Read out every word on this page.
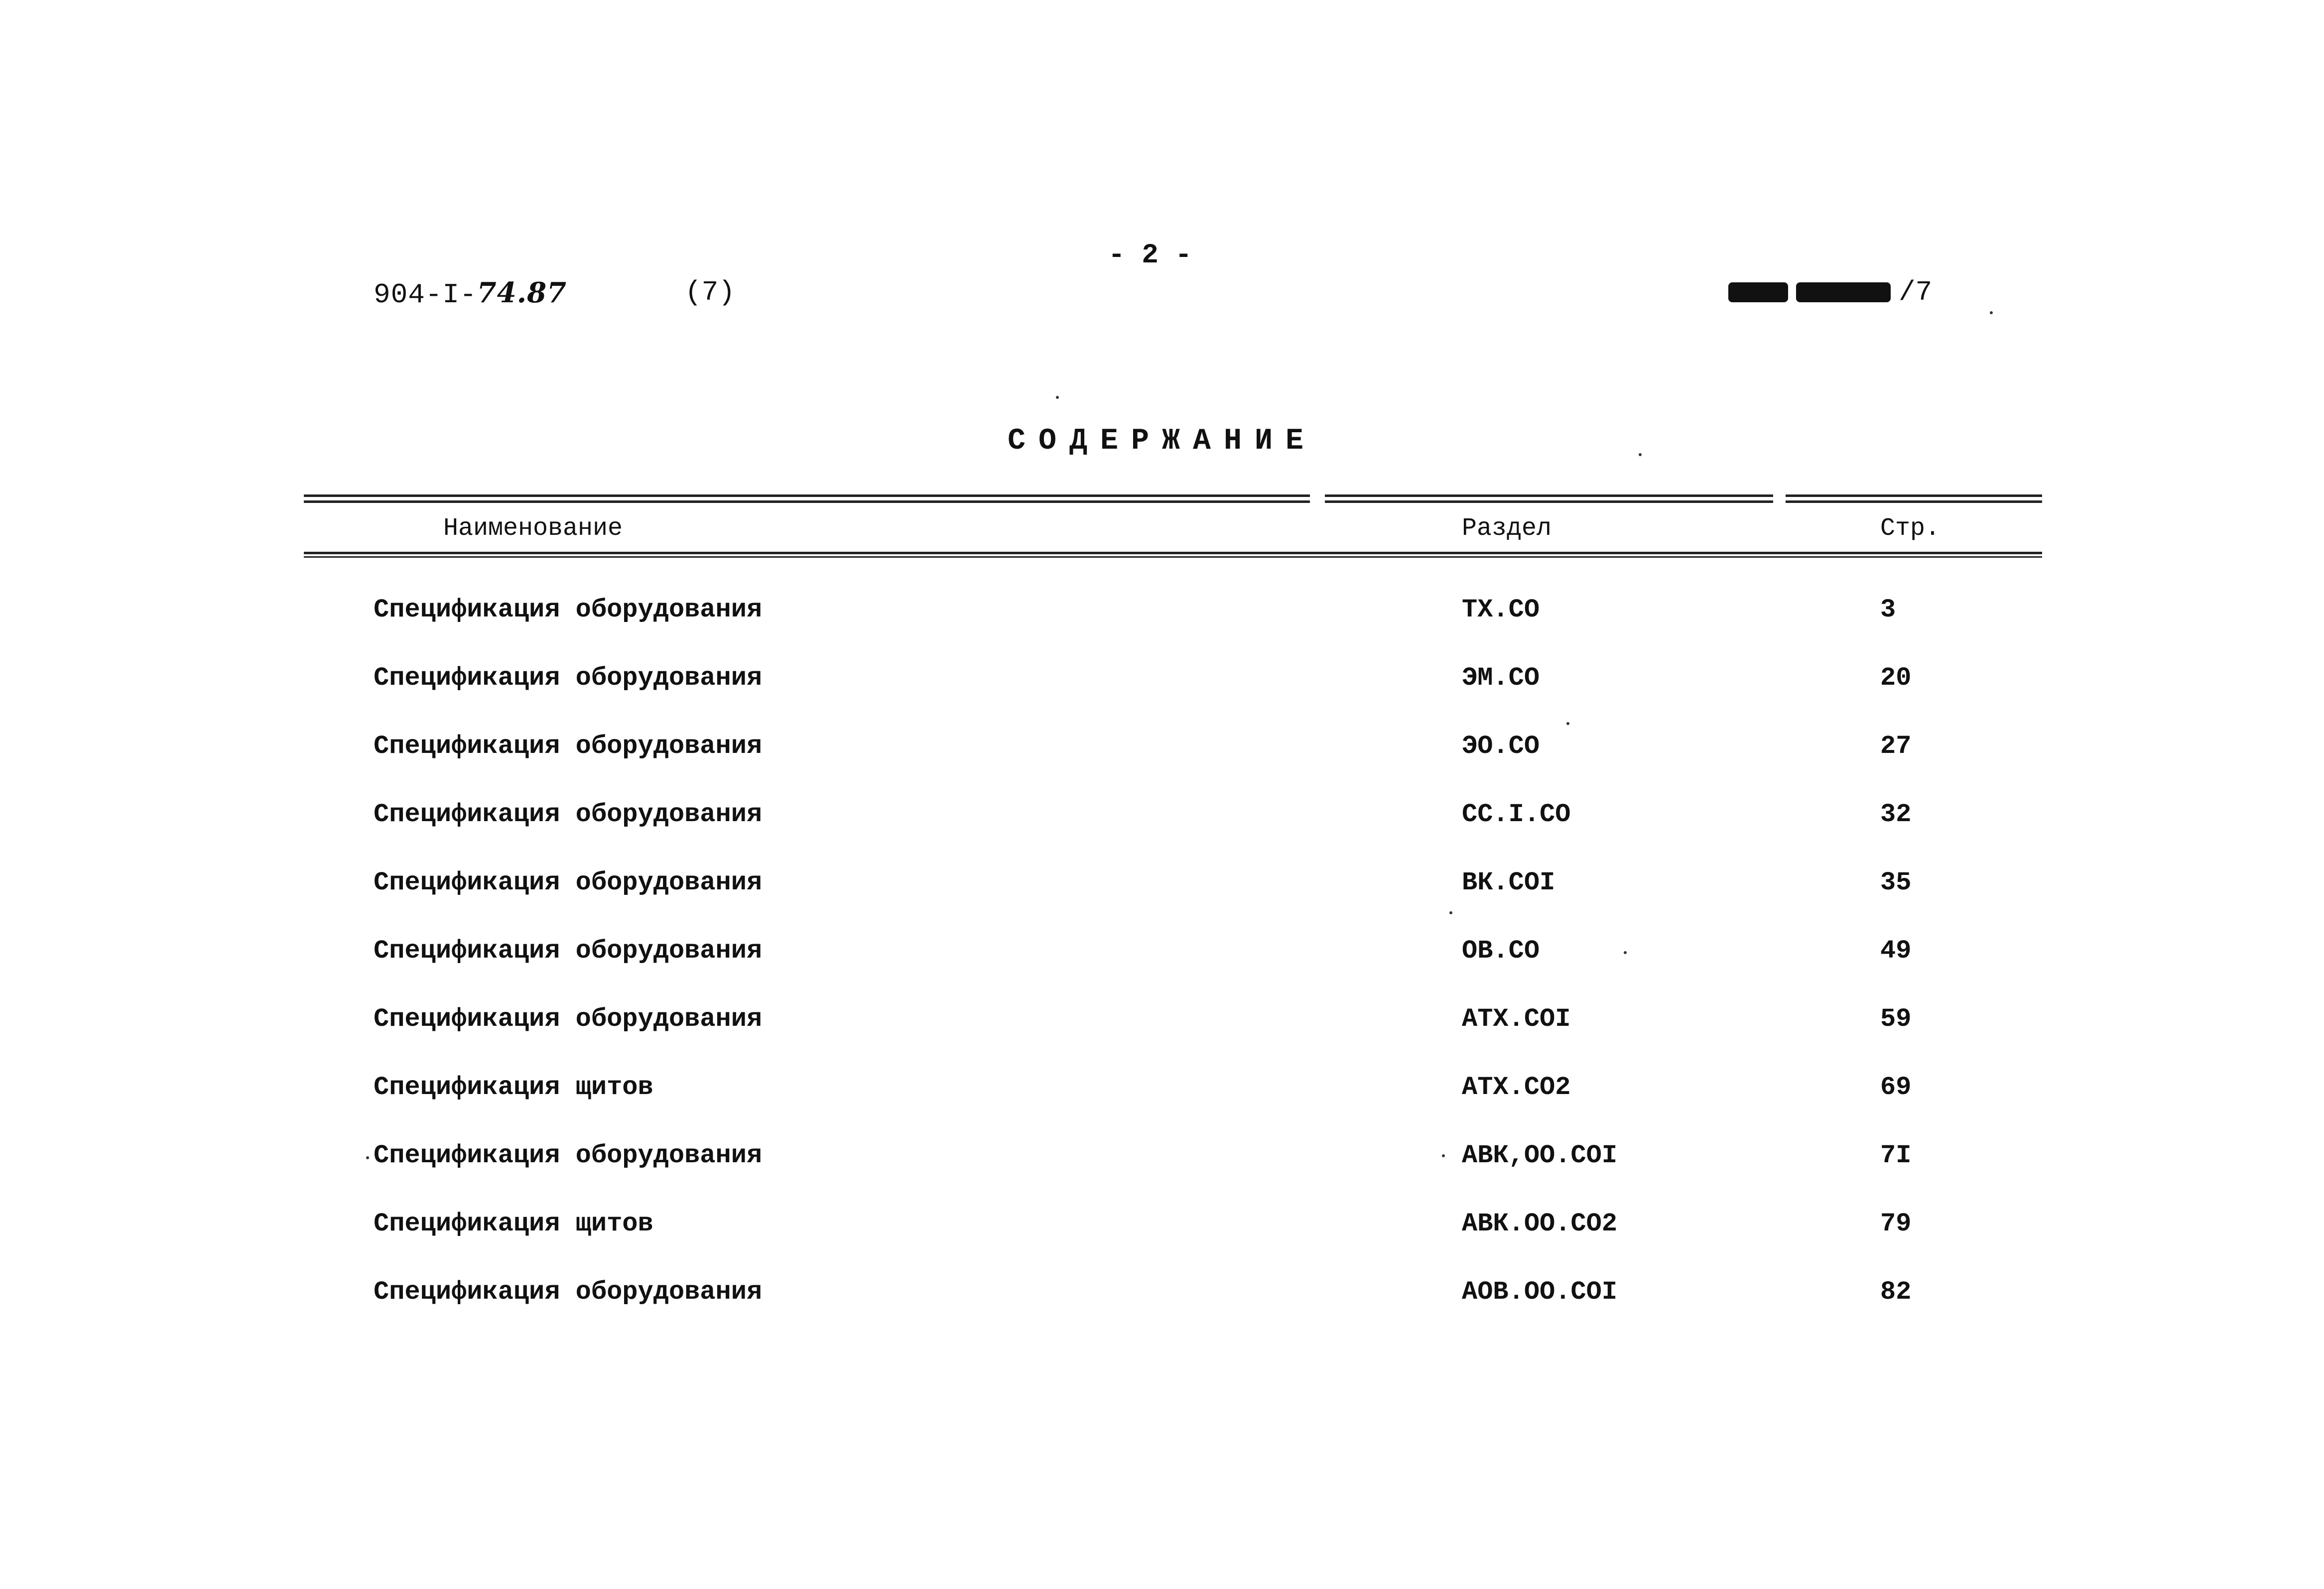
904-I-74.87	(7)
- 2 -
/7
СОДЕРЖАНИЕ
Наименование	Раздел	Стр.
Спецификация оборудования	ТХ.СО	3
Спецификация оборудования	ЭМ.СО	20
Спецификация оборудования	ЭО.СО	27
Спецификация оборудования	СС.I.СО	32
Спецификация оборудования	ВК.СОI	35
Спецификация оборудования	ОВ.СО	49
Спецификация оборудования	АТХ.СОI	59
Спецификация щитов	АТХ.СО2	69
Спецификация оборудования	АВК,ОО.СОI	7I
Спецификация щитов	АВК.ОО.СО2	79
Спецификация оборудования	АОВ.ОО.СОI	82
